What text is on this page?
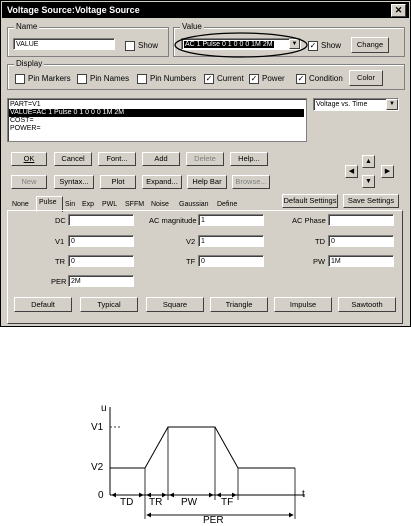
Voltage Source:Voltage Source	✕
Name
VALUE	Show
Value
AC 1 Pulse 0 1 0 0 0 1M 2M	▼	✓ Show	Change
Display
Pin Markers Pin Names	Pin Numbers ✓ Current ✓ Power ✓ Condition	Color
PART=V1
VALUE=AC 1 Pulse 0 1 0 0 0 1M 2M
COST=
POWER=
Voltage vs. Time	▼
OK	Cancel	Font...	Add	Delete	Help...
New	Syntax...	Plot	Expand...	Help Bar	Browse...
▲
◀	▶
▼
Default Settings	Save Settings
None Pulse Sin Exp PWL SFFM Noise Gaussian Define
DC	AC magnitude 1	AC Phase
V1 0	V2 1	TD 0
TR 0	TF 0	PW 1M
PER 2M
Default	Typical	Square	Triangle	Impulse	Sawtooth
u
V1
V2
0	t
TD TR PW TF
PER
